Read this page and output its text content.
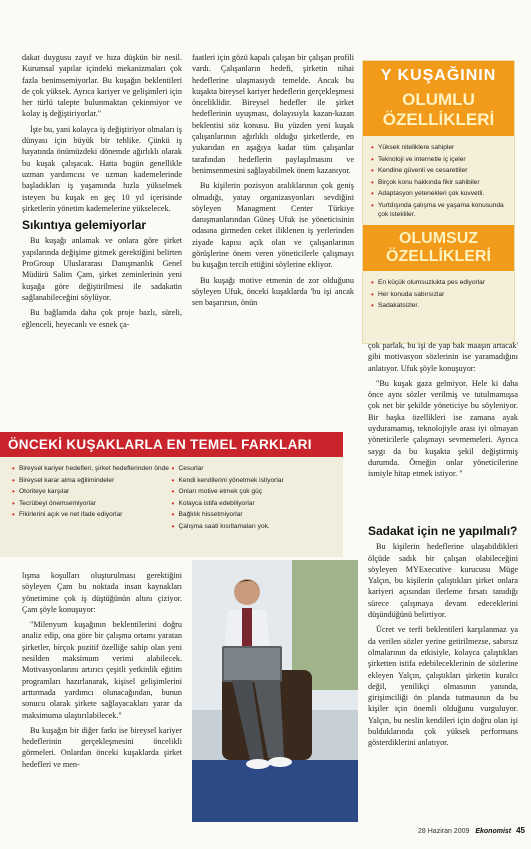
dakat duygusu zayıf ve hıza düşkün bir nesil. Kurumsal yapılar içindeki mekanizmaları çok fazla benimsemiyorlar. Bu kuşağın beklentileri de çok yüksek. Ayrıca kariyer ve gelişimleri için her türlü talepte bulunmaktan çekinmiyor ve kolay iş değiştiriyorlar."

İşte bu, yani kolayca iş değiştiriyor olmaları iş dünyası için büyük bir tehlike. Çünkü iş hayatında önümüzdeki dönemde ağırlıklı olarak bu kuşak çalışacak. Hatta bugün genellikle uzman yardımcısı ve uzman kademelerinde başladıkları iş yaşamında hızla yükselmek isteyen bu kuşak en geç 10 yıl içerisinde şirketlerin yönetim kademelerine yükselecek.

Sıkıntıya gelemiyorlar

Bu kuşağı anlamak ve onlara göre şirket yapılarında değişime gitmek gerektiğini belirten ProGroup Uluslararası Danışmanlık Genel Müdürü Salim Çam, şirket zeminlerinin yeni kuşağa göre değiştirilmesi ile sadakatin sağlanabileceğini söylüyor.

Bu bağlamda daha çok proje bazlı, süreli, eğlenceli, heyecanlı ve esnek ça-

faatleri için gözü kapalı çalışan bir çalışan profili vardı. Çalışanların hedefi, şirketin nihai hedeflerine ulaşmasıydı temelde. Ancak bu kuşakta bireysel kariyer hedeflerin gerçekleşmesi önceliklidir. Bireysel hedefler ile şirket hedeflerinin uyuşması, dolayısıyla kazan-kazan beklentisi söz konusu. Bu yüzden yeni kuşak çalışanlarının ağırlıklı olduğu şirketlerde, en yukarıdan en aşağıya kadar tüm çalışanlar tarafından hedeflerin paylaşılmasını ve benimsenmesini sağlayabilmek önem kazanıyor.

Bu kişilerin pozisyon aralıklarının çok geniş olmadığı, yatay organizasyonları sevdiğini söyleyen Managment Center Türkiye danışmanlarından Güneş Ufuk ise yöneticisinin odasına girmeden ceket iliklenen iş yerlerinden ziyade kapısı açık olan ve çalışanlarının görüşlerine önem veren yöneticilerle çalışmayı bu kuşağın tercih ettiğini söylerine ekliyor.

Bu kuşağı motive etmenin de zor olduğunu söyleyen Ufuk, önceki kuşaklarda 'bu işi ancak sen başarırsın, önün

Y KUŞAĞININ
OLUMLU ÖZELLİKLERİ
• Yüksek niteliklere sahipler
• Teknoloji ve internetle iç içeler
• Kendine güvenli ve cesaretliler
• Birçok konu hakkında fikir sahibiler
• Adaptasyon yetenekleri çok kuvvetli.
• Yurtdışında çalışma ve yaşama konusunda çok istekliler.
OLUMSUZ ÖZELLİKLERİ
• En küçük olumsuzlukta pes ediyorlar
• Her konuda sabırsızlar
• Sadakatsizler.

çok parlak, bu işi de yap bak maaşın artacak' gibi motivasyon sözlerinin ise yaramadığını anlatıyor. Ufuk şöyle konuşuyor:

"Bu kuşak gaza gelmiyor. Hele ki daha önce aynı sözler verilmiş ve tutulmamışsa çok net bir şekilde yöneticiye bu söyleniyor. Bir başka özellikleri ise zamana ayak uyduramamış, teknolojiyle arası iyi olmayan yöneticilerle çalışmayı sevmemeleri. Ayrıca saygı da bu kuşakta şekil değiştirmiş durumda. Örneğin onlar yöneticilerine ismiyle hitap etmek istiyor. "

ÖNCEKİ KUŞAKLARLA EN TEMEL FARKLARI
• Bireysel kariyer hedefleri, şirket hedeflerinden önde
• Bireysel karar alma eğilimindeler
• Otoriteye karşılar
• Tecrübeyi önemsemiyorlar
• Fikirlerini açık ve net ifade ediyorlar
• Cesurlar
• Kendi kendilerini yönetmek istiyorlar
• Onları motive etmek çok güç
• Kolayca istifa edebiliyorlar
• Bağlılık hissetmiyorlar
• Çalışma saati kısıtlamaları yok.

lışma koşulları oluşturulması gerektiğini söyleyen Çam bu noktada insan kaynakları yönetimine çok iş düştüğünün altını çiziyor. Çam şöyle konuşuyor:

"Milenyum kuşağının beklentilerini doğru analiz edip, ona göre bir çalışma ortamı yaratan şirketler, birçok pozitif özelliğe sahip olan yeni nesilden maksimum verimi alabilecek. Motivasyonlarını artırıcı çeşitli yetkinlik eğitim programları hazırlanarak, kişisel gelişimlerini arttırmada yardımcı olunacağından, bunun sonucu olarak şirkete sağlayacakları yarar da maksimuma ulaştırılabilecek."

Bu kuşağın bir diğer farkı ise bireysel kariyer hedeflerinin gerçekleşmesini öncelikli görmeleri. Onlardan önceki kuşaklarda şirket hedefleri ve men-

Sadakat için ne yapılmalı?

Bu kişilerin hedeflerine ulaşabildikleri ölçüde sadık bir çalışan olabileceğini söyleyen MYExecutive kurucusu Müge Yalçın, bu kişilerin çalıştıkları şirket onlara kariyeri açısından ilerleme fırsatı tanıdığı sürece çalışmaya devam edeceklerini düşündüğünü belirtiyor.

Ücret ve terfi beklentileri karşılanmaz ya da verilen sözler yerine getirilmezse, sabırsız olmalarının da etkisiyle, kolayca çalıştıkları şirketten istifa edebileceklerinin de sözlerine ekleyen Yalçın, çalıştıkları şirketin kuralcı değil, yenilikçi olmasının yanında, girişimciliği ön planda tutmasının da bu kişiler için önemli olduğunu vurguluyor. Yalçın, bu neslin kendileri için doğru olan işi bulduklarında çok yüksek performans gösterdiklerini anlatıyor.

28 Haziran 2009 Ekonomist 45
